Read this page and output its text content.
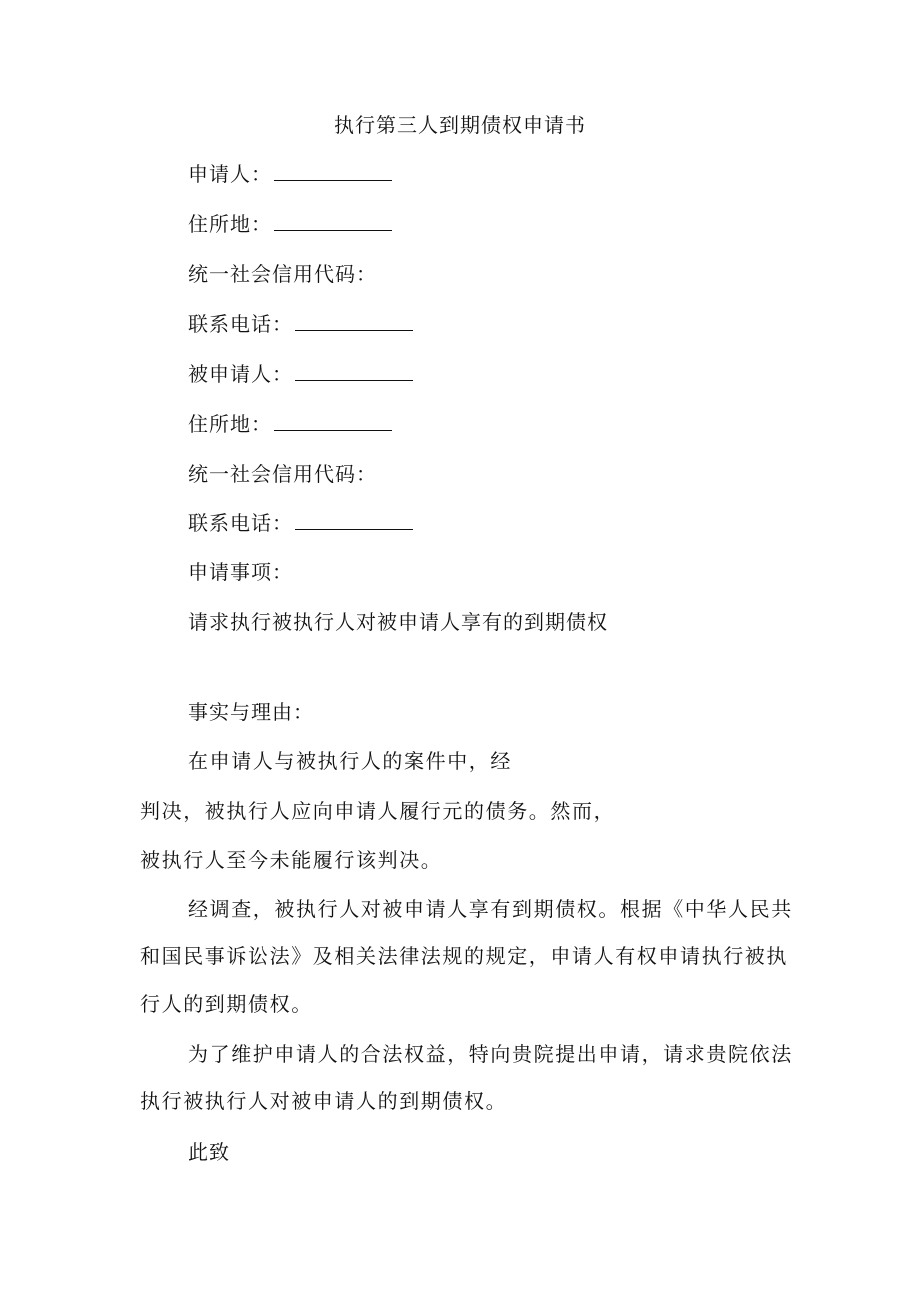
执行第三人到期债权申请书
申请人：
住所地：
统一社会信用代码：
联系电话：
被申请人：
住所地：
统一社会信用代码：
联系电话：
申请事项：
请求执行被执行人对被申请人享有的到期债权
事实与理由：
在申请人与被执行人的案件中，经
判决，被执行人应向申请人履行元的债务。然而，
被执行人至今未能履行该判决。
经调查，被执行人对被申请人享有到期债权。根据《中华人民共
和国民事诉讼法》及相关法律法规的规定，申请人有权申请执行被执
行人的到期债权。
为了维护申请人的合法权益，特向贵院提出申请，请求贵院依法
执行被执行人对被申请人的到期债权。
此致
